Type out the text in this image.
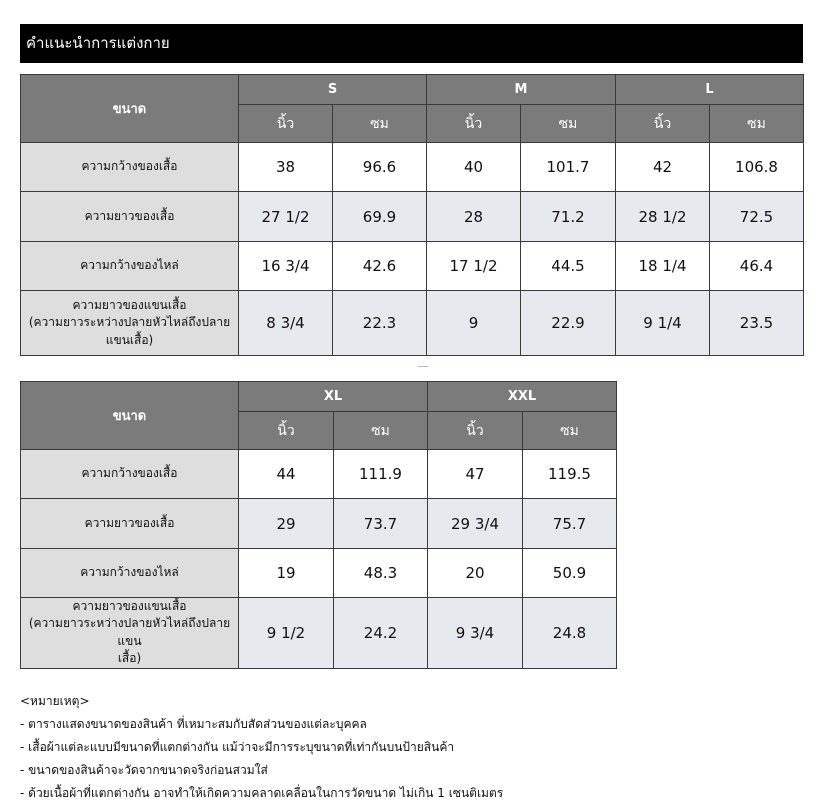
คำแนะนำการแต่งกาย
ขนาด	S		M		L	
	นิ้ว	ซม	นิ้ว	ซม	นิ้ว	ซม
ความกว้างของเสื้อ	38	96.6	40	101.7	42	106.8
ความยาวของเสื้อ	27 1/2	69.9	28	71.2	28 1/2	72.5
ความกว้างของไหล่	16 3/4	42.6	17 1/2	44.5	18 1/4	46.4

ความยาวของแขนเสื้อ
(ความยาวระหว่างปลายหัวไหล่ถึงปลาย
แขนเสื้อ)	8 3/4	22.3	9	22.9	9 1/4	23.5
ขนาด	XL		XXL	
	นิ้ว	ซม	นิ้ว	ซม
ความกว้างของเสื้อ	44	111.9	47	119.5
ความยาวของเสื้อ	29	73.7	29 3/4	75.7
ความกว้างของไหล่	19	48.3	20	50.9

ความยาวของแขนเสื้อ
(ความยาวระหว่างปลายหัวไหล่ถึงปลายแขน
เสื้อ)	9 1/2	24.2	9 3/4	24.8
<หมายเหตุ>
- ตารางแสดงขนาดของสินค้า ที่เหมาะสมกับสัดส่วนของแต่ละบุคคล
- เสื้อผ้าแต่ละแบบมีขนาดที่แตกต่างกัน แม้ว่าจะมีการระบุขนาดที่เท่ากันบนป้ายสินค้า
- ขนาดของสินค้าจะวัดจากขนาดจริงก่อนสวมใส่
- ด้วยเนื้อผ้าที่แตกต่างกัน อาจทำให้เกิดความคลาดเคลื่อนในการวัดขนาด ไม่เกิน 1 เซนติเมตร
